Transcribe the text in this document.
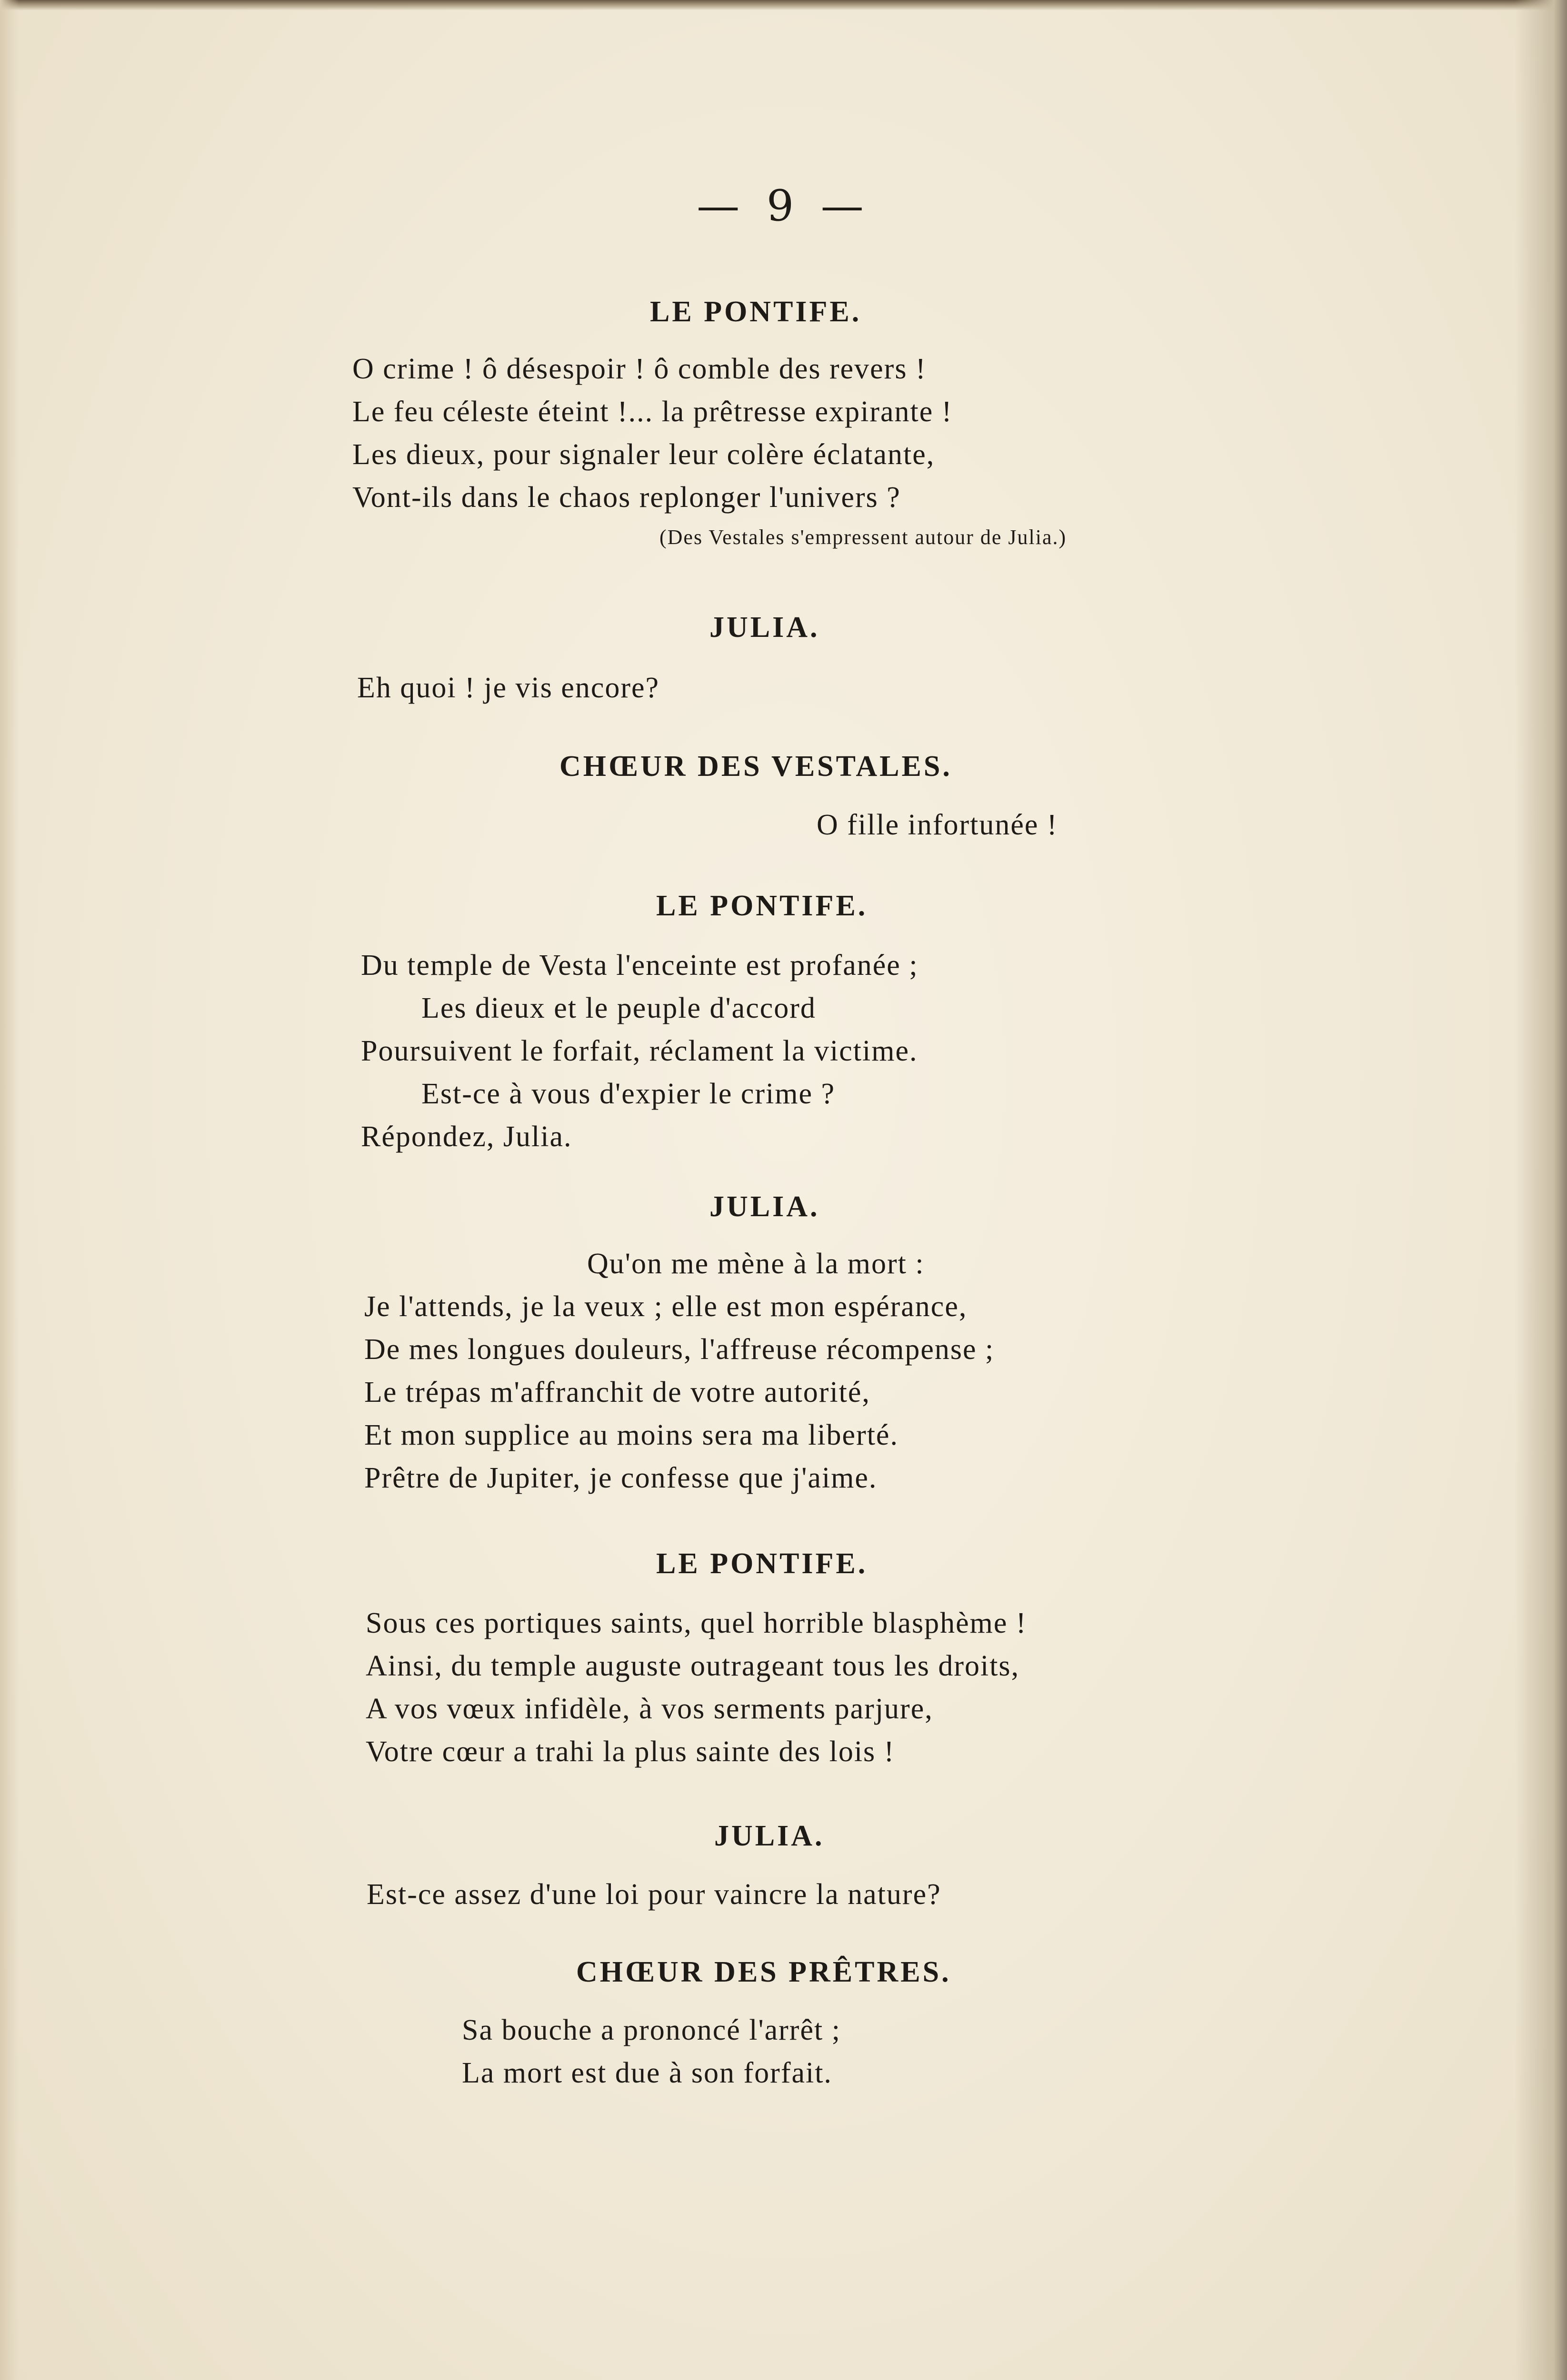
— 9 —
LE PONTIFE.
O crime ! ô désespoir ! ô comble des revers !
Le feu céleste éteint !... la prêtresse expirante !
Les dieux, pour signaler leur colère éclatante,
Vont-ils dans le chaos replonger l'univers ?
(Des Vestales s'empressent autour de Julia.)
JULIA.
Eh quoi ! je vis encore?
CHŒUR DES VESTALES.
O fille infortunée !
LE PONTIFE.
Du temple de Vesta l'enceinte est profanée ;
Les dieux et le peuple d'accord
Poursuivent le forfait, réclament la victime.
Est-ce à vous d'expier le crime ?
Répondez, Julia.
JULIA.
Qu'on me mène à la mort :
Je l'attends, je la veux ; elle est mon espérance,
De mes longues douleurs, l'affreuse récompense ;
Le trépas m'affranchit de votre autorité,
Et mon supplice au moins sera ma liberté.
Prêtre de Jupiter, je confesse que j'aime.
LE PONTIFE.
Sous ces portiques saints, quel horrible blasphème !
Ainsi, du temple auguste outrageant tous les droits,
A vos vœux infidèle, à vos serments parjure,
Votre cœur a trahi la plus sainte des lois !
JULIA.
Est-ce assez d'une loi pour vaincre la nature?
CHŒUR DES PRÊTRES.
Sa bouche a prononcé l'arrêt ;
La mort est due à son forfait.
